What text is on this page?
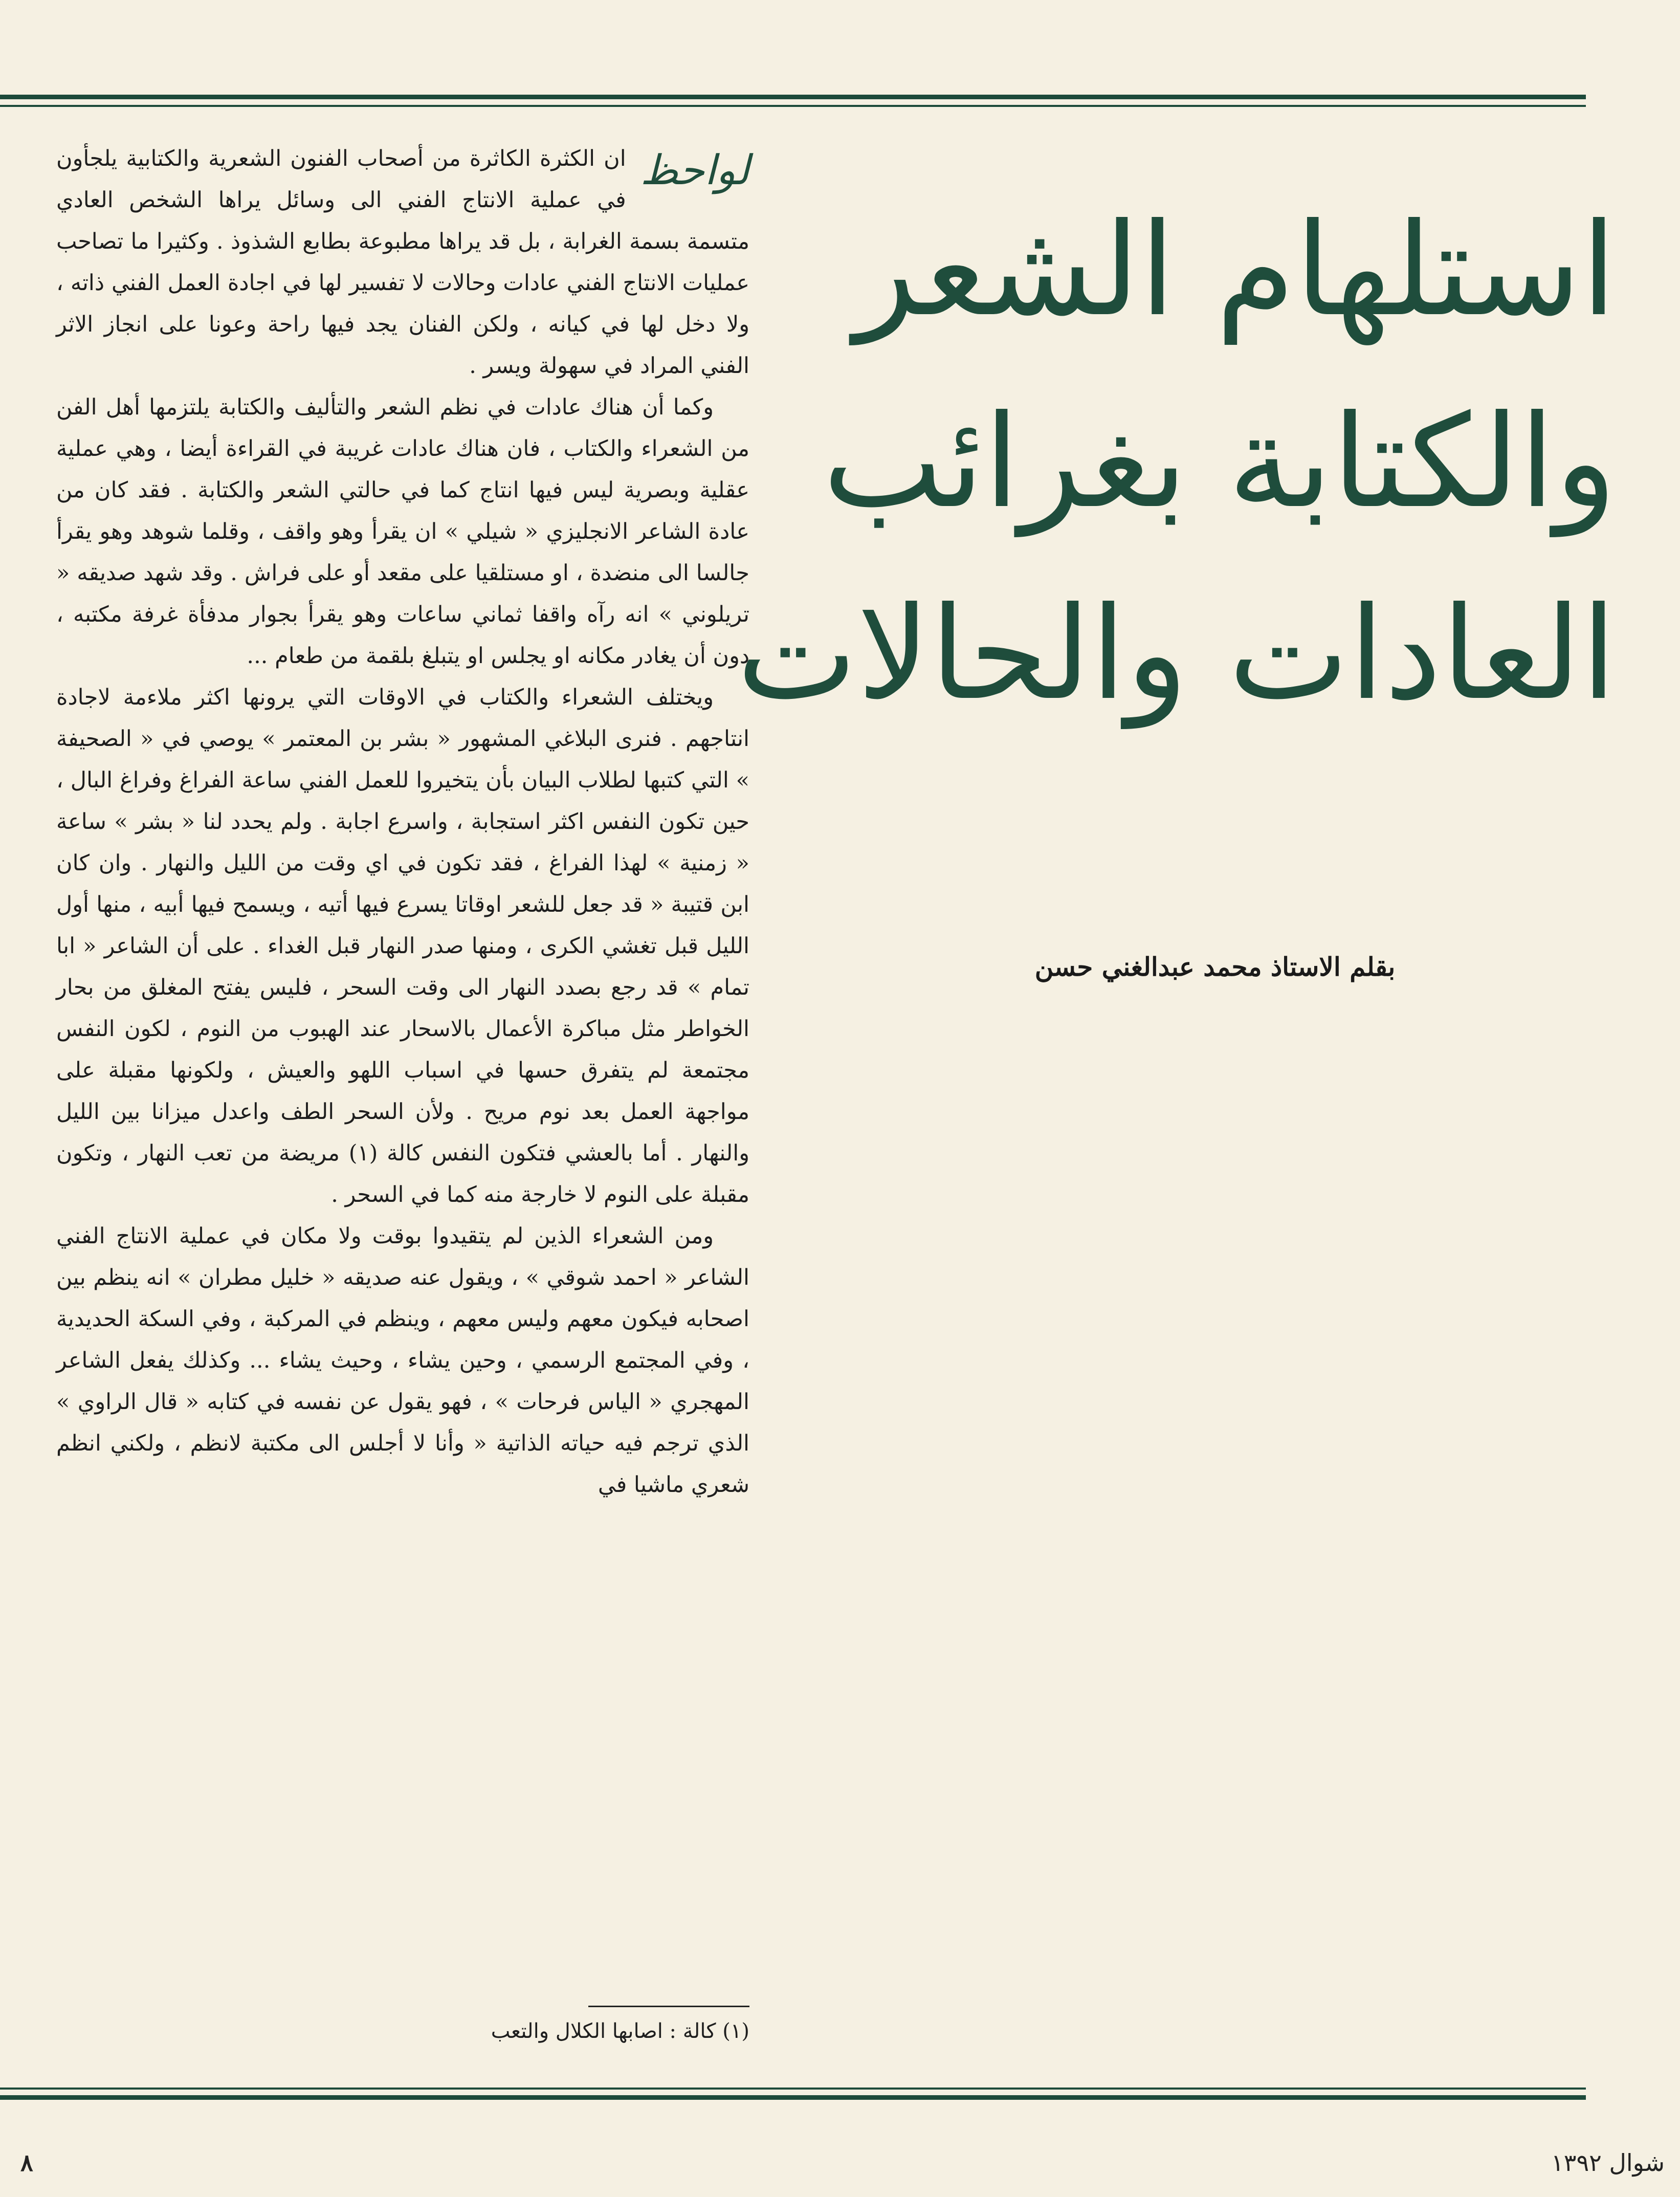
استلهام الشعر
والكتابة بغرائب
العادات والحالات
بقلم الاستاذ محمد عبدالغني حسن
لواحظ

ان الكثرة الكاثرة من أصحاب الفنون الشعرية والكتابية يلجأون في عملية الانتاج الفني الى وسائل يراها الشخص العادي متسمة بسمة الغرابة ، بل قد يراها مطبوعة بطابع الشذوذ . وكثيرا ما تصاحب عمليات الانتاج الفني عادات وحالات لا تفسير لها في اجادة العمل الفني ذاته ، ولا دخل لها في كيانه ، ولكن الفنان يجد فيها راحة وعونا على انجاز الاثر الفني المراد في سهولة ويسر .

وكما أن هناك عادات في نظم الشعر والتأليف والكتابة يلتزمها أهل الفن من الشعراء والكتاب ، فان هناك عادات غريبة في القراءة أيضا ، وهي عملية عقلية وبصرية ليس فيها انتاج كما في حالتي الشعر والكتابة . فقد كان من عادة الشاعر الانجليزي « شيلي » ان يقرأ وهو واقف ، وقلما شوهد وهو يقرأ جالسا الى منضدة ، او مستلقيا على مقعد أو على فراش . وقد شهد صديقه « تريلوني » انه رآه واقفا ثماني ساعات وهو يقرأ بجوار مدفأة غرفة مكتبه ، دون أن يغادر مكانه او يجلس او يتبلغ بلقمة من طعام ...

ويختلف الشعراء والكتاب في الاوقات التي يرونها اكثر ملاءمة لاجادة انتاجهم . فنرى البلاغي المشهور « بشر بن المعتمر » يوصي في « الصحيفة » التي كتبها لطلاب البيان بأن يتخيروا للعمل الفني ساعة الفراغ وفراغ البال ، حين تكون النفس اكثر استجابة ، واسرع اجابة . ولم يحدد لنا « بشر » ساعة « زمنية » لهذا الفراغ ، فقد تكون في اي وقت من الليل والنهار . وان كان ابن قتيبة « قد جعل للشعر اوقاتا يسرع فيها أتيه ، ويسمح فيها أبيه ، منها أول الليل قبل تغشي الكرى ، ومنها صدر النهار قبل الغداء . على أن الشاعر « ابا تمام » قد رجع بصدد النهار الى وقت السحر ، فليس يفتح المغلق من بحار الخواطر مثل مباكرة الأعمال بالاسحار عند الهبوب من النوم ، لكون النفس مجتمعة لم يتفرق حسها في اسباب اللهو والعيش ، ولكونها مقبلة على مواجهة العمل بعد نوم مريح . ولأن السحر الطف واعدل ميزانا بين الليل والنهار . أما بالعشي فتكون النفس كالة (١) مريضة من تعب النهار ، وتكون مقبلة على النوم لا خارجة منه كما في السحر .

ومن الشعراء الذين لم يتقيدوا بوقت ولا مكان في عملية الانتاج الفني الشاعر « احمد شوقي » ، ويقول عنه صديقه « خليل مطران » انه ينظم بين اصحابه فيكون معهم وليس معهم ، وينظم في المركبة ، وفي السكة الحديدية ، وفي المجتمع الرسمي ، وحين يشاء ، وحيث يشاء ... وكذلك يفعل الشاعر المهجري « الياس فرحات » ، فهو يقول عن نفسه في كتابه « قال الراوي » الذي ترجم فيه حياته الذاتية « وأنا لا أجلس الى مكتبة لانظم ، ولكني انظم شعري ماشيا في

(١) كالة : اصابها الكلال والتعب
شوال ١٣٩٢
٨
